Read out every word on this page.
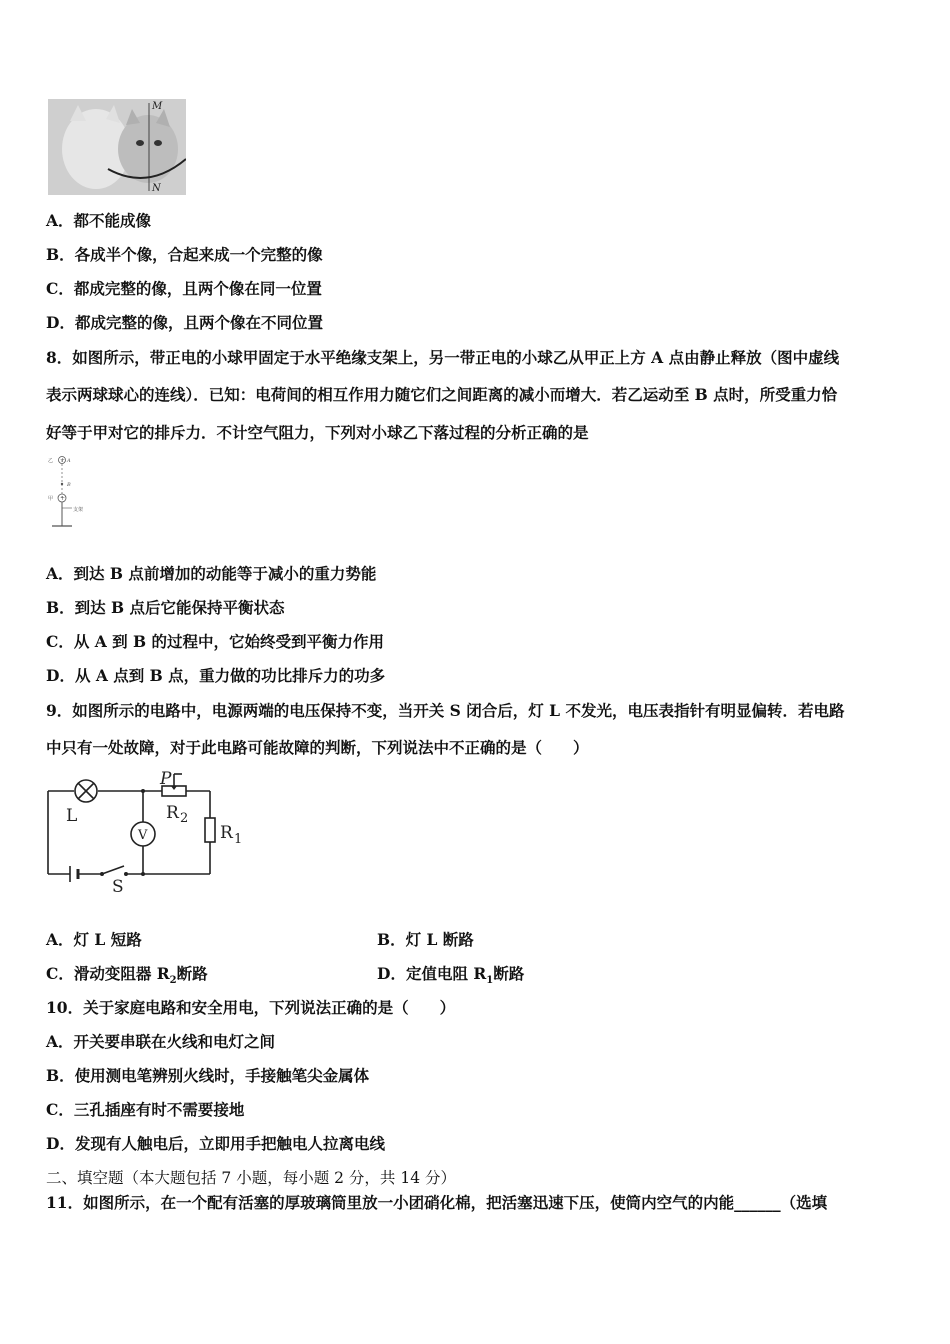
M
N
A．都不能成像
B．各成半个像，合起来成一个完整的像
C．都成完整的像，且两个像在同一位置
D．都成完整的像，且两个像在不同位置
8．如图所示，带正电的小球甲固定于水平绝缘支架上，另一带正电的小球乙从甲正上方 A 点由静止释放（图中虚线
表示两球球心的连线）．已知：电荷间的相互作用力随它们之间距离的减小而增大．若乙运动至 B 点时，所受重力恰
好等于甲对它的排斥力．不计空气阻力，下列对小球乙下落过程的分析正确的是
+
乙	A
B
+
甲
支架
A．到达 B 点前增加的动能等于减小的重力势能
B．到达 B 点后它能保持平衡状态
C．从 A 到 B 的过程中，它始终受到平衡力作用
D．从 A 点到 B 点，重力做的功比排斥力的功多
9．如图所示的电路中，电源两端的电压保持不变，当开关 S 闭合后，灯 L 不发光，电压表指针有明显偏转．若电路
中只有一处故障，对于此电路可能故障的判断，下列说法中不正确的是（　　）
L
V
P
R 2
R 1
S
A．灯 L 短路	B．灯 L 断路
C．滑动变阻器 $R_2$断路	D．定值电阻 $R_1$断路
10．关于家庭电路和安全用电，下列说法正确的是（　　）
A．开关要串联在火线和电灯之间
B．使用测电笔辨别火线时，手接触笔尖金属体
C．三孔插座有时不需要接地
D．发现有人触电后，立即用手把触电人拉离电线
二、填空题（本大题包括 7 小题，每小题 2 分，共 14 分）
11．如图所示，在一个配有活塞的厚玻璃筒里放一小团硝化棉，把活塞迅速下压，使筒内空气的内能______（选填
